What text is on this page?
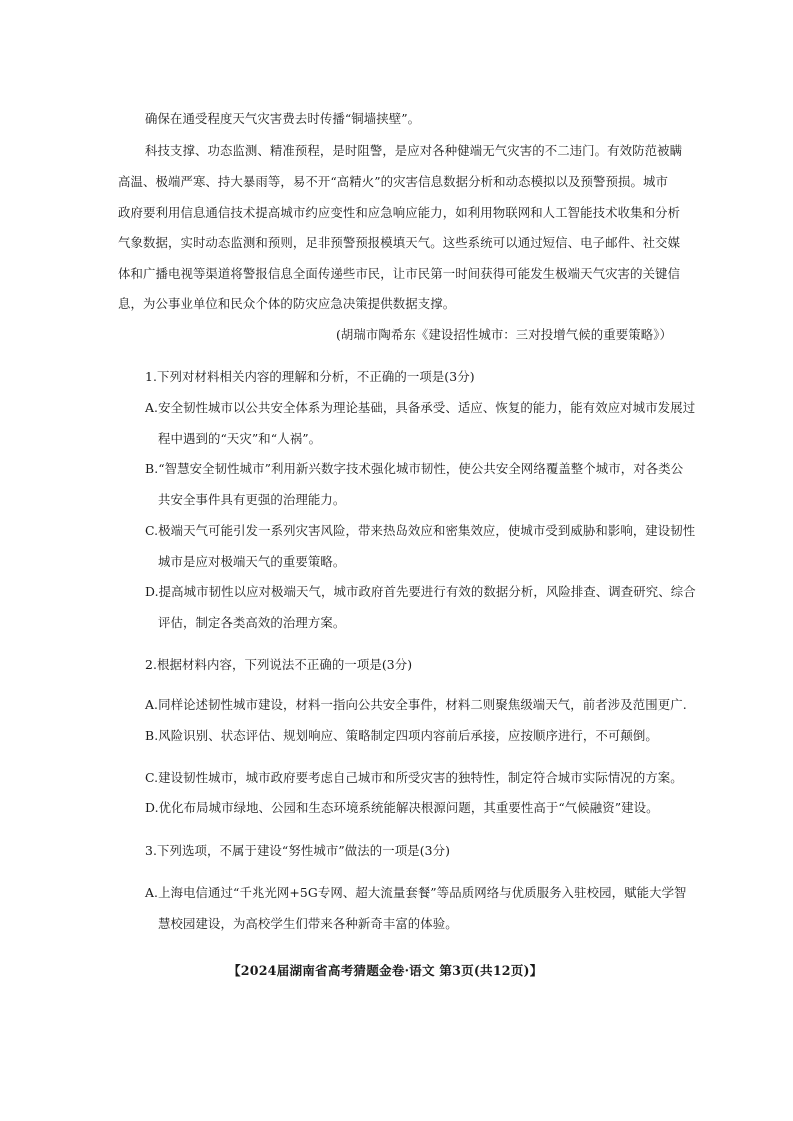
确保在通受程度天气灾害费去时传播“铜墙挟壁”。
科技支撑、功态监测、精准预程，是时阻警，是应对各种健端无气灾害的不二违门。有效防范被瞒
高温、极端严寒、持大暴雨等，易不开“高精火”的灾害信息数据分析和动态模拟以及预警预损。城市
政府要利用信息通信技术提高城市约应变性和应急响应能力，如利用物联网和人工智能技术收集和分析
气象数据，实时动态监测和预则，足非预警预报模填天气。这些系统可以通过短信、电子邮件、社交媒
体和广播电视等渠道将警报信息全面传递些市民，让市民第一时间获得可能发生极端天气灾害的关键信
息，为公事业单位和民众个体的防灾应急决策提供数据支撑。
(胡瑞市陶希东《建设招性城市：三对投增气候的重要策略》）
1.下列对材料相关内容的理解和分析，不正确的一项是(3分)
A.安全韧性城市以公共安全体系为理论基础，具备承受、适应、恢复的能力，能有效应对城市发展过
程中遇到的“天灾”和“人祸”。
B.“智慧安全韧性城市”利用新兴数字技术强化城市韧性，使公共安全网络覆盖整个城市，对各类公
共安全事件具有更强的治理能力。
C.极端天气可能引发一系列灾害风险，带来热岛效应和密集效应，使城市受到威胁和影响，建设韧性
城市是应对极端天气的重要策略。
D.提高城市韧性以应对极端天气，城市政府首先要进行有效的数据分析，风险排查、调查研究、综合
评估，制定各类高效的治理方案。
2.根据材料内容，下列说法不正确的一项是(3分)
A.同样论述韧性城市建设，材料一指向公共安全事件，材料二则聚焦级端天气，前者涉及范围更广.
B.风险识别、状态评估、规划响应、策略制定四项内容前后承接，应按顺序进行，不可颠倒。
C.建设韧性城市，城市政府要考虑自己城市和所受灾害的独特性，制定符合城市实际情况的方案。
D.优化布局城市绿地、公园和生态环境系统能解决根源问题，其重要性高于“气候融资”建设。
3.下列选项，不属于建设“努性城市”做法的一项是(3分)
A.上海电信通过“千兆光网+5G专网、超大流量套餐”等品质网络与优质服务入驻校园，赋能大学智
慧校园建设，为高校学生们带来各种新奇丰富的体验。
【2024届湖南省高考猜题金卷·语文 第3页(共12页)】
